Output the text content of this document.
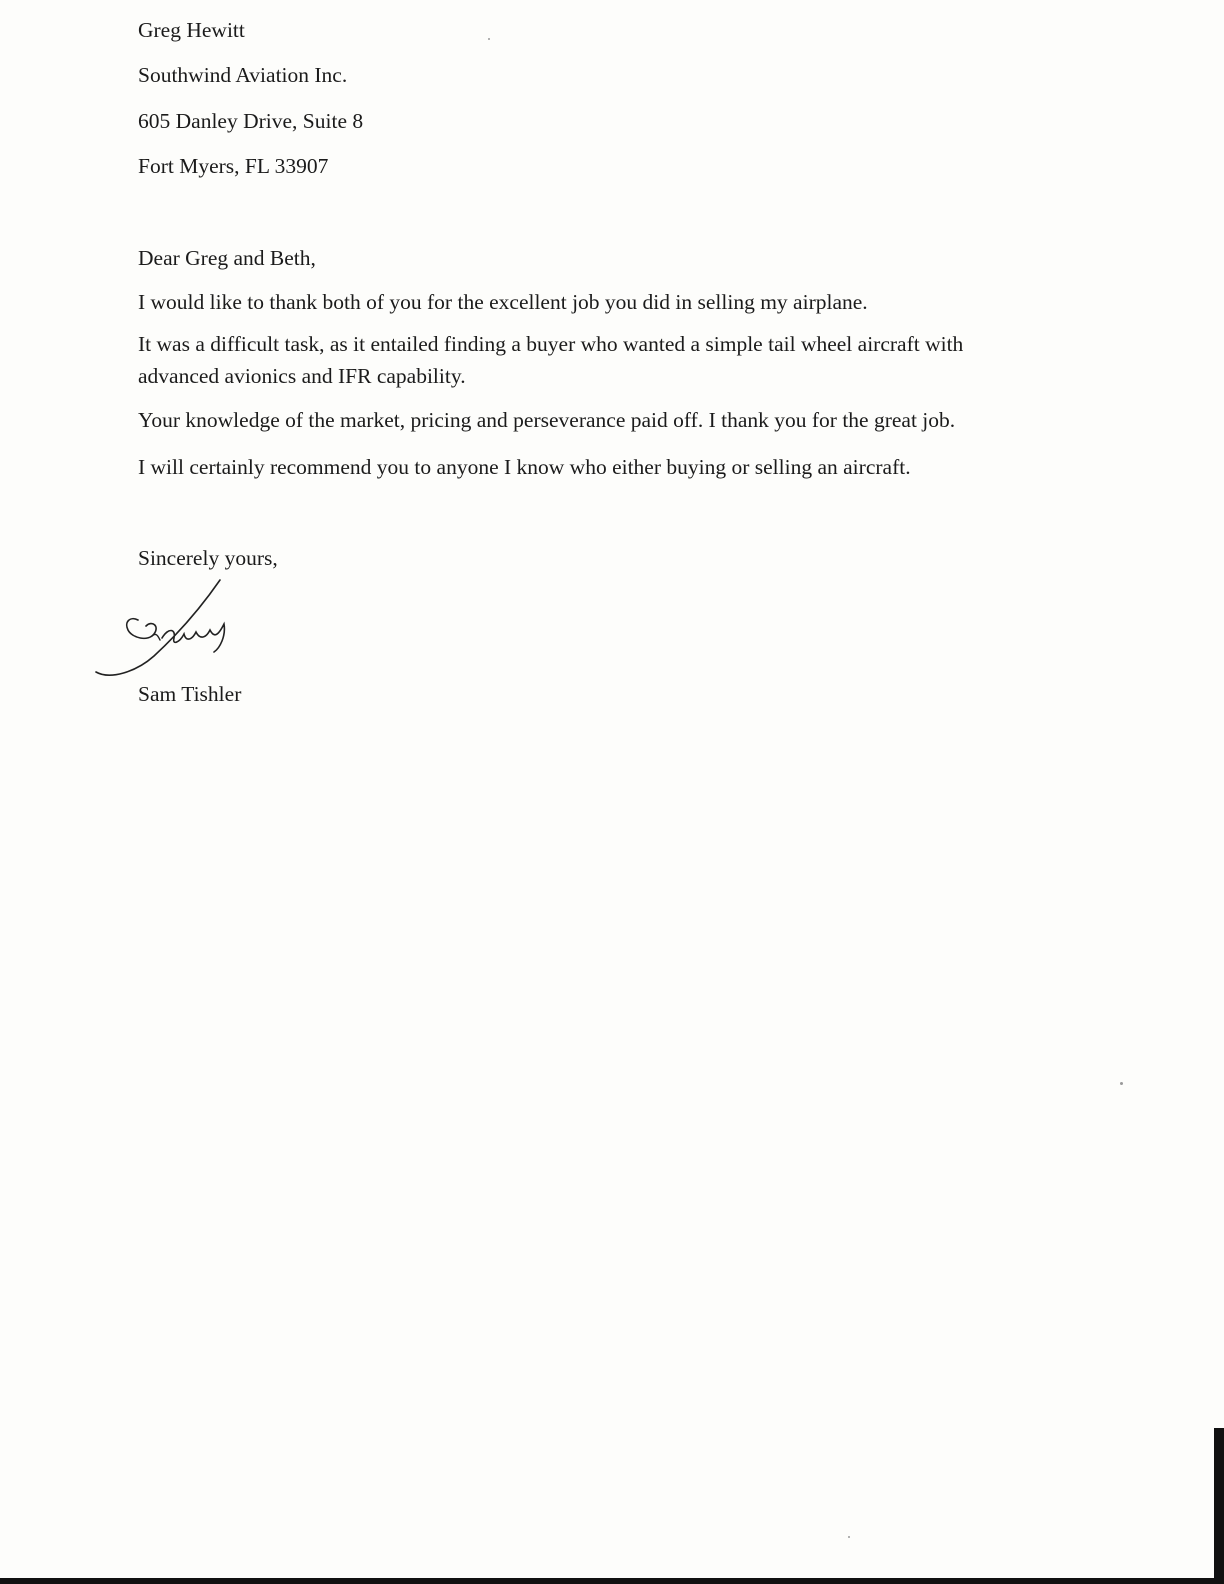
Greg Hewitt
Southwind Aviation Inc.
605 Danley Drive, Suite 8
Fort Myers, FL 33907
Dear Greg and Beth,
I would like to thank both of you for the excellent job you did in selling my airplane.
It was a difficult task, as it entailed finding a buyer who wanted a simple tail wheel aircraft with
advanced avionics and IFR capability.
Your knowledge of the market, pricing and perseverance paid off. I thank you for the great job.
I will certainly recommend you to anyone I know who either buying or selling an aircraft.
Sincerely yours,
Sam Tishler
